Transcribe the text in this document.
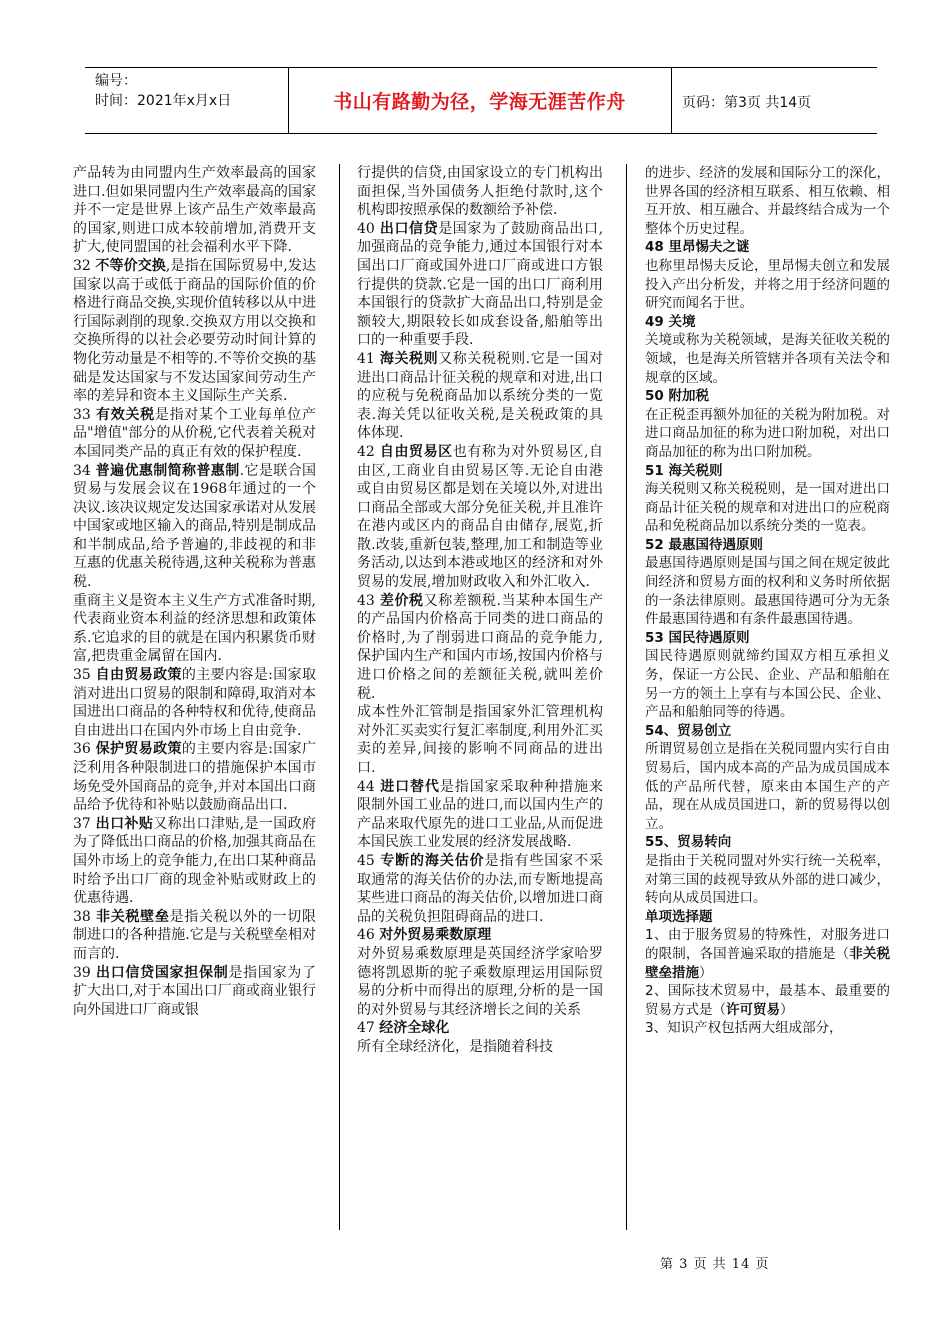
编号：
时间：2021年x月x日	书山有路勤为径，学海无涯苦作舟	页码：第3页 共14页

产品转为由同盟内生产效率最高的国家进口.但如果同盟内生产效率最高的国家并不一定是世界上该产品生产效率最高的国家,则进口成本较前增加,消费开支扩大,使同盟国的社会福利水平下降.

32 不等价交换,是指在国际贸易中,发达国家以高于或低于商品的国际价值的价格进行商品交换,实现价值转移以从中进行国际剥削的现象.交换双方用以交换和交换所得的以社会必要劳动时间计算的物化劳动量是不相等的.不等价交换的基础是发达国家与不发达国家间劳动生产率的差异和资本主义国际生产关系.

33 有效关税是指对某个工业每单位产品"增值"部分的从价税,它代表着关税对本国同类产品的真正有效的保护程度.

34 普遍优惠制简称普惠制.它是联合国贸易与发展会议在1968年通过的一个决议.该决议规定发达国家承诺对从发展中国家或地区输入的商品,特别是制成品和半制成品,给予普遍的,非歧视的和非互惠的优惠关税待遇,这种关税称为普惠税.

重商主义是资本主义生产方式准备时期,代表商业资本利益的经济思想和政策体系.它追求的目的就是在国内积累货币财富,把贵重金属留在国内.

35 自由贸易政策的主要内容是:国家取消对进出口贸易的限制和障碍,取消对本国进出口商品的各种特权和优待,使商品自由进出口在国内外市场上自由竞争.

36 保护贸易政策的主要内容是:国家广泛利用各种限制进口的措施保护本国市场免受外国商品的竞争,并对本国出口商品给予优待和补贴以鼓励商品出口.

37 出口补贴又称出口津贴,是一国政府为了降低出口商品的价格,加强其商品在国外市场上的竞争能力,在出口某种商品时给予出口厂商的现金补贴或财政上的优惠待遇.

38 非关税壁垒是指关税以外的一切限制进口的各种措施.它是与关税壁垒相对而言的.

39 出口信贷国家担保制是指国家为了扩大出口,对于本国出口厂商或商业银行向外国进口厂商或银

行提供的信贷,由国家设立的专门机构出面担保,当外国债务人拒绝付款时,这个机构即按照承保的数额给予补偿.

40 出口信贷是国家为了鼓励商品出口,加强商品的竞争能力,通过本国银行对本国出口厂商或国外进口厂商或进口方银行提供的贷款.它是一国的出口厂商利用本国银行的贷款扩大商品出口,特别是金额较大,期限较长如成套设备,船舶等出口的一种重要手段.

41 海关税则又称关税税则.它是一国对进出口商品计征关税的规章和对进,出口的应税与免税商品加以系统分类的一览表.海关凭以征收关税,是关税政策的具体体现.

42 自由贸易区也有称为对外贸易区,自由区,工商业自由贸易区等.无论自由港或自由贸易区都是划在关境以外,对进出口商品全部或大部分免征关税,并且准许在港内或区内的商品自由储存,展览,折散.改装,重新包装,整理,加工和制造等业务活动,以达到本港或地区的经济和对外贸易的发展,增加财政收入和外汇收入.

43 差价税又称差额税.当某种本国生产的产品国内价格高于同类的进口商品的价格时,为了削弱进口商品的竞争能力,保护国内生产和国内市场,按国内价格与进口价格之间的差额征关税,就叫差价税.

成本性外汇管制是指国家外汇管理机构对外汇买卖实行复汇率制度,利用外汇买卖的差异,间接的影响不同商品的进出口.

44 进口替代是指国家采取种种措施来限制外国工业品的进口,而以国内生产的产品来取代原先的进口工业品,从而促进本国民族工业发展的经济发展战略.

45 专断的海关估价是指有些国家不采取通常的海关估价的办法,而专断地提高某些进口商品的海关估价,以增加进口商品的关税负担阻碍商品的进口.

46 对外贸易乘数原理

对外贸易乘数原理是英国经济学家哈罗德将凯恩斯的驼子乘数原理运用国际贸易的分析中而得出的原理,分析的是一国的对外贸易与其经济增长之间的关系

47 经济全球化

所有全球经济化，是指随着科技

的进步、经济的发展和国际分工的深化，世界各国的经济相互联系、相互依赖、相互开放、相互融合、并最终结合成为一个整体个历史过程。

48 里昂惕夫之谜

也称里昂惕夫反论，里昂惕夫创立和发展投入产出分析发，并将之用于经济问题的研究而闻名于世。

49 关境

关境或称为关税领域，是海关征收关税的领域，也是海关所管辖并各项有关法令和规章的区域。

50 附加税

在正税歪再额外加征的关税为附加税。对进口商品加征的称为进口附加税，对出口商品加征的称为出口附加税。

51 海关税则

海关税则又称关税税则，是一国对进出口商品计征关税的规章和对进出口的应税商品和免税商品加以系统分类的一览表。

52 最惠国待遇原则

最惠国待遇原则是国与国之间在规定彼此间经济和贸易方面的权利和义务时所依据的一条法律原则。最惠国待遇可分为无条件最惠国待遇和有条件最惠国待遇。

53 国民待遇原则

国民待遇原则就缔约国双方相互承担义务，保证一方公民、企业、产品和船舶在另一方的领土上享有与本国公民、企业、产品和船舶同等的待遇。

54、贸易创立

所谓贸易创立是指在关税同盟内实行自由贸易后，国内成本高的产品为成员国成本低的产品所代替，原来由本国生产的产品，现在从成员国进口，新的贸易得以创立。

55、贸易转向

是指由于关税同盟对外实行统一关税率，对第三国的歧视导致从外部的进口减少，转向从成员国进口。

单项选择题

1、由于服务贸易的特殊性，对服务进口的限制，各国普遍采取的措施是（非关税壁垒措施）

2、国际技术贸易中，最基本、最重要的贸易方式是（许可贸易）

3、知识产权包括两大组成部分，

第 3 页 共 14 页
